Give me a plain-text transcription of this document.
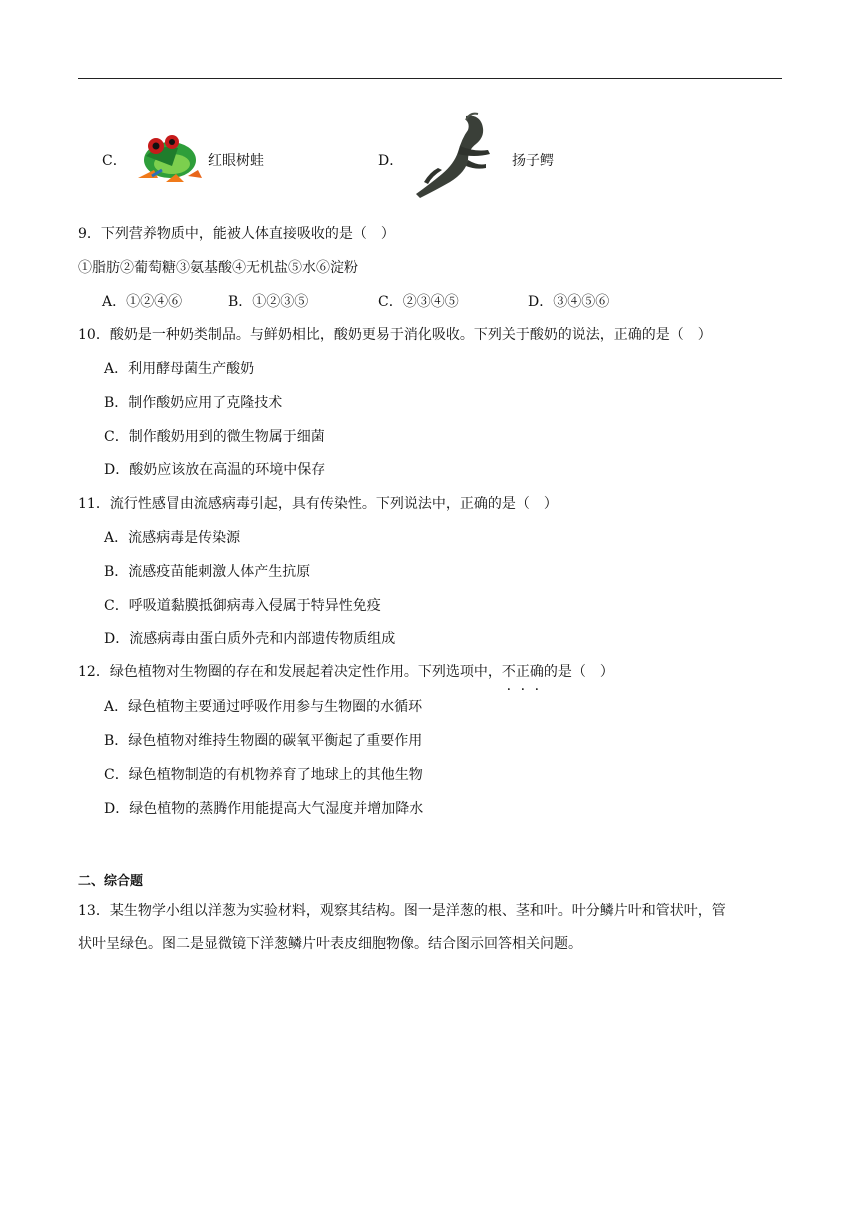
C．	红眼树蛙	D．	扬子鳄
9．下列营养物质中，能被人体直接吸收的是（　）
①脂肪②葡萄糖③氨基酸④无机盐⑤水⑥淀粉
A．①②④⑥	B．①②③⑤	C．②③④⑤	D．③④⑤⑥
10．酸奶是一种奶类制品。与鲜奶相比，酸奶更易于消化吸收。下列关于酸奶的说法，正确的是（　）
A．利用酵母菌生产酸奶
B．制作酸奶应用了克隆技术
C．制作酸奶用到的微生物属于细菌
D．酸奶应该放在高温的环境中保存
11．流行性感冒由流感病毒引起，具有传染性。下列说法中，正确的是（　）
A．流感病毒是传染源
B．流感疫苗能刺激人体产生抗原
C．呼吸道黏膜抵御病毒入侵属于特异性免疫
D．流感病毒由蛋白质外壳和内部遗传物质组成
12．绿色植物对生物圈的存在和发展起着决定性作用。下列选项中，不正确的是（　）
A．绿色植物主要通过呼吸作用参与生物圈的水循环
B．绿色植物对维持生物圈的碳氧平衡起了重要作用
C．绿色植物制造的有机物养育了地球上的其他生物
D．绿色植物的蒸腾作用能提高大气湿度并增加降水
二、综合题
13．某生物学小组以洋葱为实验材料，观察其结构。图一是洋葱的根、茎和叶。叶分鳞片叶和管状叶，管
状叶呈绿色。图二是显微镜下洋葱鳞片叶表皮细胞物像。结合图示回答相关问题。
